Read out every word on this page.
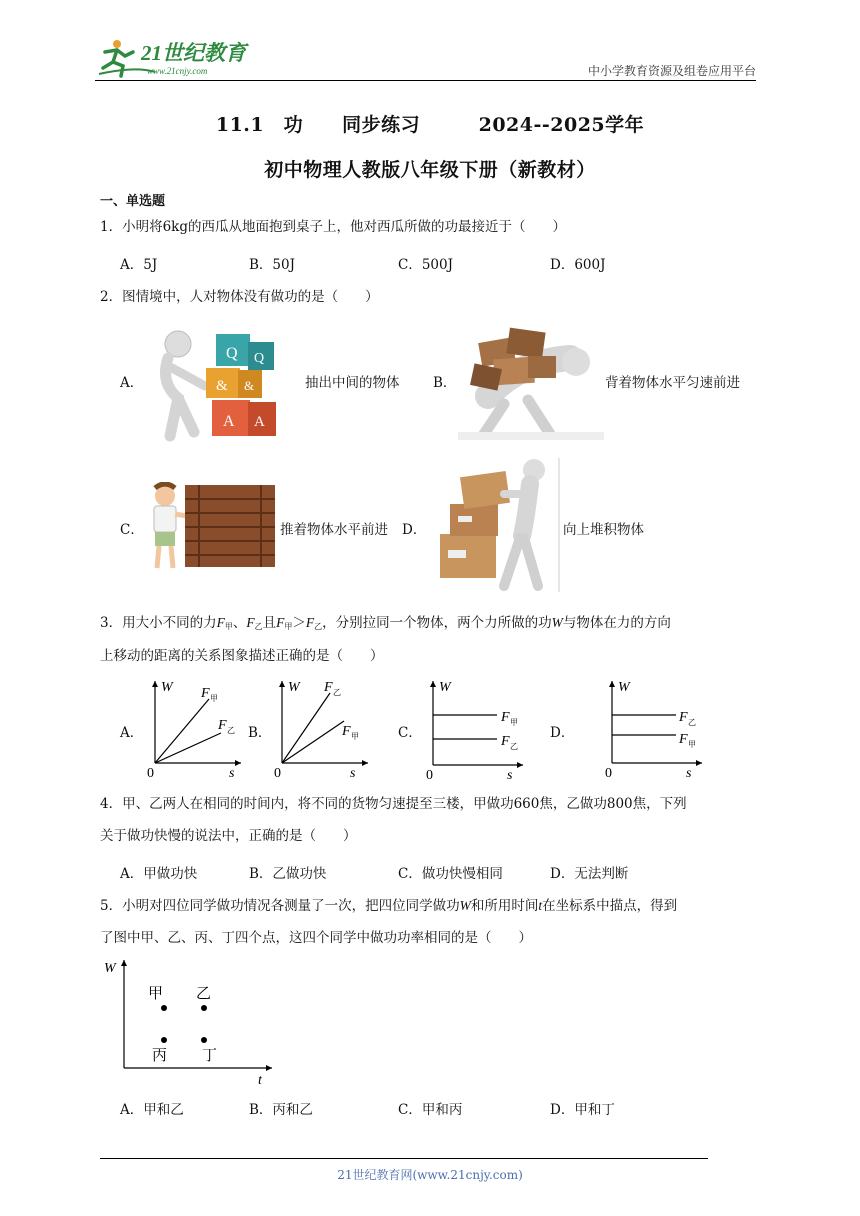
21世纪教育
www.21cnjy.com	中小学教育资源及组卷应用平台
11.1　功　　同步练习　　　2024--2025学年
初中物理人教版八年级下册（新教材）
一、单选题
1．小明将6kg的西瓜从地面抱到桌子上，他对西瓜所做的功最接近于（　　）
A．5J	B．50J	C．500J	D．600J
2．图情境中，人对物体没有做功的是（　　）
A．
Q Q
& &
A A
抽出中间的物体 B．	背着物体水平匀速前进
C．	推着物体水平前进 D．	向上堆积物体
3．用大小不同的力$F_甲$、$F_乙$且$F_甲>F_乙$，分别拉同一个物体，两个力所做的功W与物体在力的方向
上移动的距离的关系图象描述正确的是（　　）
A．
W F 甲
F 乙
0	s
B．
W F 乙
F 甲
0	s
C．
W
F 甲
F 乙
0	s
D．
W
F 乙
F 甲
0	s
4．甲、乙两人在相同的时间内，将不同的货物匀速提至三楼，甲做功660焦，乙做功800焦，下列
关于做功快慢的说法中，正确的是（　　）
A．甲做功快	B．乙做功快	C．做功快慢相同	D．无法判断
5．小明对四位同学做功情况各测量了一次，把四位同学做功W和所用时间t在坐标系中描点，得到
了图中甲、乙、丙、丁四个点，这四个同学中做功功率相同的是（　　）
W
t
甲 乙
丙 丁
A．甲和乙	B．丙和乙	C．甲和丙	D．甲和丁
21世纪教育网(www.21cnjy.com)
